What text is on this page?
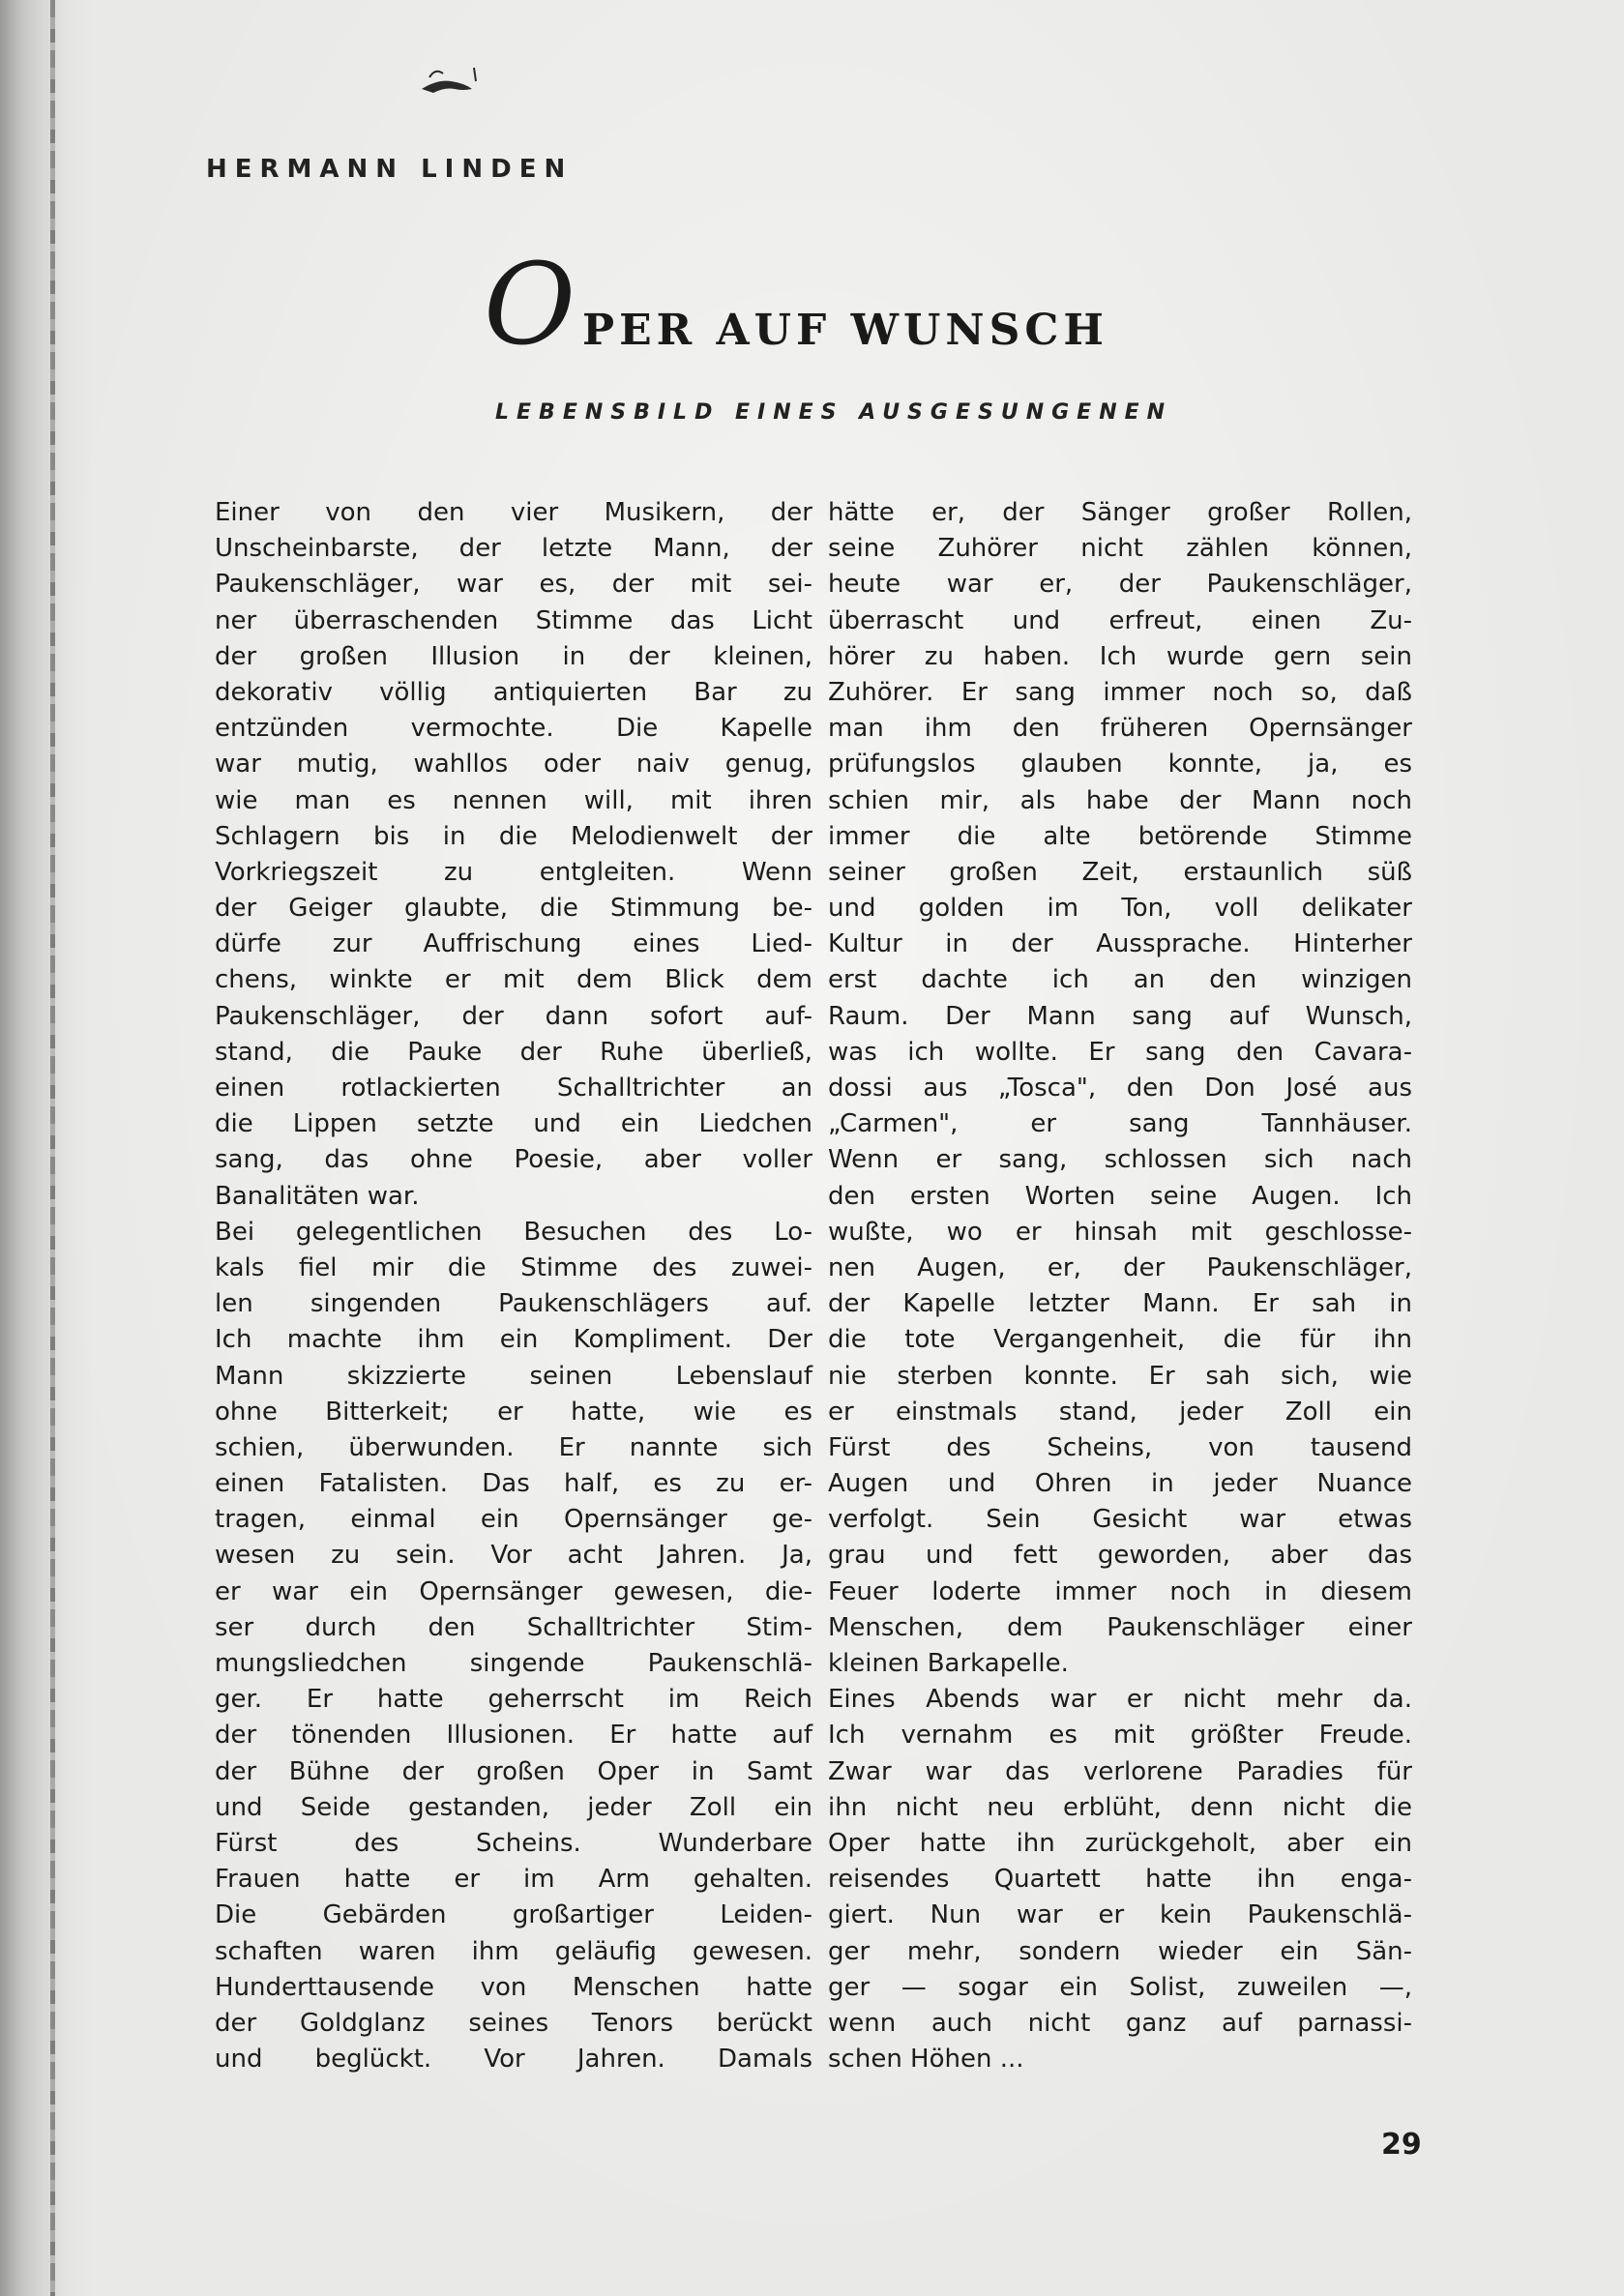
HERMANN LINDEN
O PER AUF WUNSCH
LEBENSBILD EINES AUSGESUNGENEN
Einer von den vier Musikern, der
Unscheinbarste, der letzte Mann, der
Paukenschläger, war es, der mit sei-
ner überraschenden Stimme das Licht
der großen Illusion in der kleinen,
dekorativ völlig antiquierten Bar zu
entzünden vermochte. Die Kapelle
war mutig, wahllos oder naiv genug,
wie man es nennen will, mit ihren
Schlagern bis in die Melodienwelt der
Vorkriegszeit zu entgleiten. Wenn
der Geiger glaubte, die Stimmung be-
dürfe zur Auffrischung eines Lied-
chens, winkte er mit dem Blick dem
Paukenschläger, der dann sofort auf-
stand, die Pauke der Ruhe überließ,
einen rotlackierten Schalltrichter an
die Lippen setzte und ein Liedchen
sang, das ohne Poesie, aber voller
Banalitäten war.
Bei gelegentlichen Besuchen des Lo-
kals fiel mir die Stimme des zuwei-
len singenden Paukenschlägers auf.
Ich machte ihm ein Kompliment. Der
Mann skizzierte seinen Lebenslauf
ohne Bitterkeit; er hatte, wie es
schien, überwunden. Er nannte sich
einen Fatalisten. Das half, es zu er-
tragen, einmal ein Opernsänger ge-
wesen zu sein. Vor acht Jahren. Ja,
er war ein Opernsänger gewesen, die-
ser durch den Schalltrichter Stim-
mungsliedchen singende Paukenschlä-
ger. Er hatte geherrscht im Reich
der tönenden Illusionen. Er hatte auf
der Bühne der großen Oper in Samt
und Seide gestanden, jeder Zoll ein
Fürst des Scheins. Wunderbare
Frauen hatte er im Arm gehalten.
Die Gebärden großartiger Leiden-
schaften waren ihm geläufig gewesen.
Hunderttausende von Menschen hatte
der Goldglanz seines Tenors berückt
und beglückt. Vor Jahren. Damals
hätte er, der Sänger großer Rollen,
seine Zuhörer nicht zählen können,
heute war er, der Paukenschläger,
überrascht und erfreut, einen Zu-
hörer zu haben. Ich wurde gern sein
Zuhörer. Er sang immer noch so, daß
man ihm den früheren Opernsänger
prüfungslos glauben konnte, ja, es
schien mir, als habe der Mann noch
immer die alte betörende Stimme
seiner großen Zeit, erstaunlich süß
und golden im Ton, voll delikater
Kultur in der Aussprache. Hinterher
erst dachte ich an den winzigen
Raum. Der Mann sang auf Wunsch,
was ich wollte. Er sang den Cavara-
dossi aus „Tosca", den Don José aus
„Carmen", er sang Tannhäuser.
Wenn er sang, schlossen sich nach
den ersten Worten seine Augen. Ich
wußte, wo er hinsah mit geschlosse-
nen Augen, er, der Paukenschläger,
der Kapelle letzter Mann. Er sah in
die tote Vergangenheit, die für ihn
nie sterben konnte. Er sah sich, wie
er einstmals stand, jeder Zoll ein
Fürst des Scheins, von tausend
Augen und Ohren in jeder Nuance
verfolgt. Sein Gesicht war etwas
grau und fett geworden, aber das
Feuer loderte immer noch in diesem
Menschen, dem Paukenschläger einer
kleinen Barkapelle.
Eines Abends war er nicht mehr da.
Ich vernahm es mit größter Freude.
Zwar war das verlorene Paradies für
ihn nicht neu erblüht, denn nicht die
Oper hatte ihn zurückgeholt, aber ein
reisendes Quartett hatte ihn enga-
giert. Nun war er kein Paukenschlä-
ger mehr, sondern wieder ein Sän-
ger — sogar ein Solist, zuweilen —,
wenn auch nicht ganz auf parnassi-
schen Höhen ...
29
